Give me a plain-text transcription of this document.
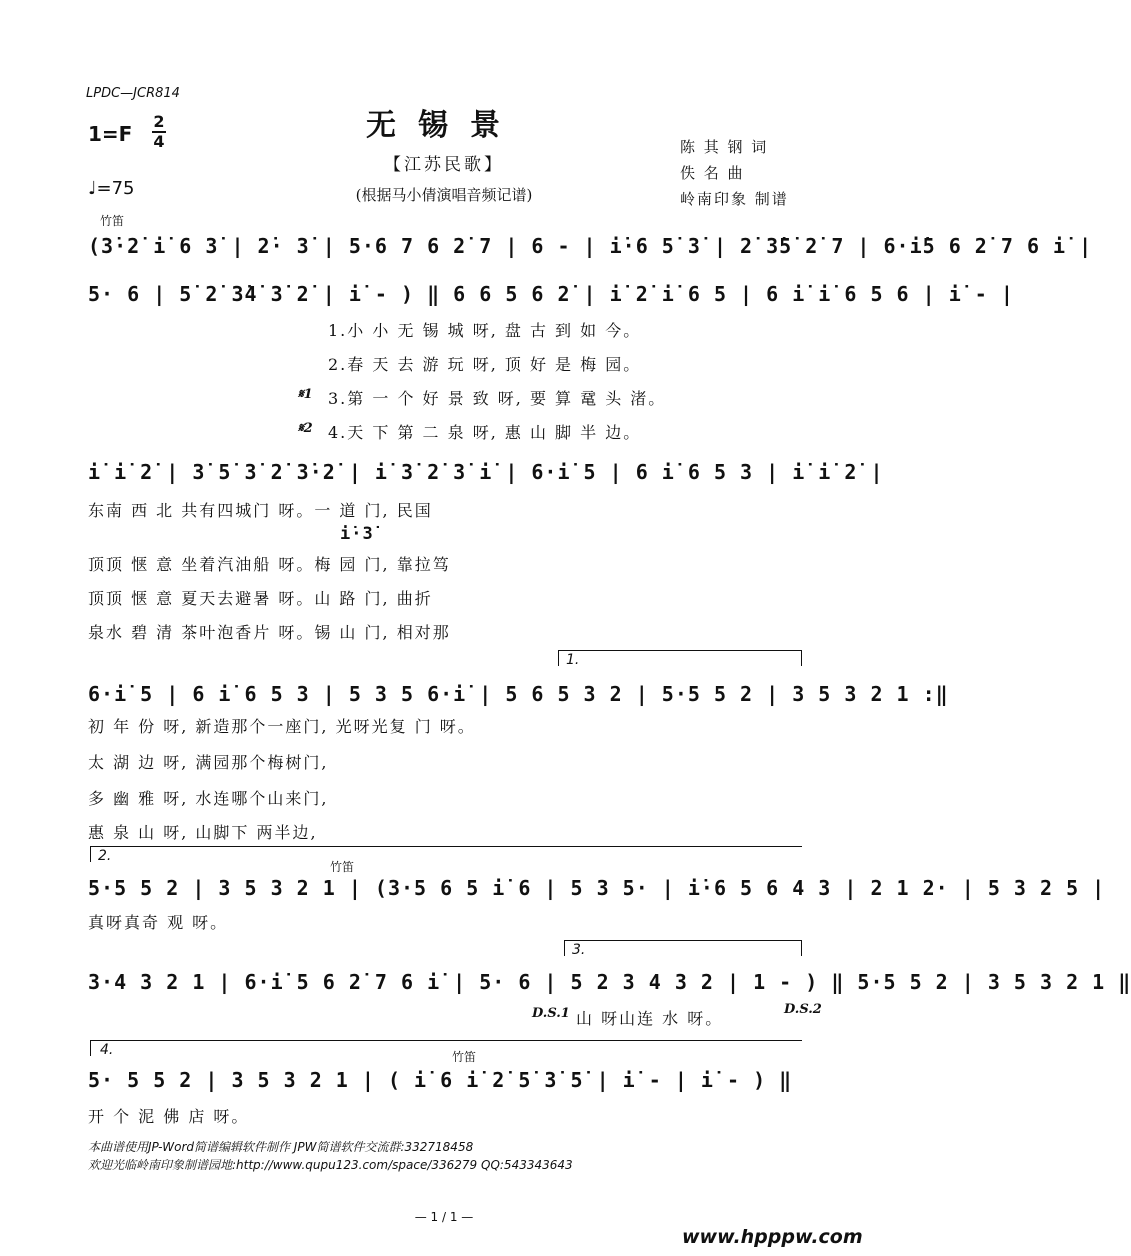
LPDC—JCR814
无锡景
【江苏民歌】
(根据马小倩演唱音频记谱)
1=F
2
4
♩=75
陈 其 钢 词
佚 名 曲
岭南印象 制谱
竹笛
(3̇·2̇ i̇ 6 3̇ | 2̇· 3̇ | 5·6 7 6 2̇ 7 | 6 - | i̇·6 5̇ 3̇ | 2̇ 3̇5̇ 2̇ 7 | 6·i̇5 6 2̇ 7 6 i̇ |
5· 6 | 5̇ 2̇ 3̇4̇ 3̇ 2̇ | i̇ - ) ‖ 6 6 5 6 2̇ | i̇ 2̇ i̇ 6 5 | 6 i̇ i̇ 6 5 6 | i̇ - |
1.小 小 无 锡 城 呀, 盘 古 到 如 今。
2.春 天 去 游 玩 呀, 顶 好 是 梅 园。
𝄋1 3.第 一 个 好 景 致 呀, 要 算 鼋 头 渚。
𝄋2 4.天 下 第 二 泉 呀, 惠 山 脚 半 边。
i̇ i̇ 2̇ | 3̇ 5̇ 3̇ 2̇ 3̇·2̇ | i̇ 3̇ 2̇ 3̇ i̇ | 6·i̇ 5 | 6 i̇ 6 5 3 | i̇ i̇ 2̇ |
东南 西 北 共有四城门 呀。一 道 门, 民国
i̇·3̇
顶顶 惬 意 坐着汽油船 呀。梅 园 门, 靠拉笃
顶顶 惬 意 夏天去避暑 呀。山 路 门, 曲折
泉水 碧 清 茶叶泡香片 呀。锡 山 门, 相对那
1.
6·i̇ 5 | 6 i̇ 6 5 3 | 5 3 5 6·i̇ | 5 6 5 3 2 | 5·5 5 2 | 3 5 3 2 1 :‖
初 年 份 呀, 新造那个一座门, 光呀光复 门 呀。
太 湖 边 呀, 满园那个梅树门,
多 幽 雅 呀, 水连哪个山来门,
惠 泉 山 呀, 山脚下 两半边,
2.
竹笛
5·5 5 2 | 3 5 3 2 1 | (3·5 6 5 i̇ 6 | 5 3 5· | i̇·6 5 6 4 3 | 2 1 2· | 5 3 2 5 |
真呀真奇 观 呀。
3.
3·4 3 2 1 | 6·i̇ 5 6 2̇ 7 6 i̇ | 5· 6 | 5 2 3 4 3 2 | 1 - ) ‖ 5·5 5 2 | 3 5 3 2 1 ‖
D.S.1 山 呀山连 水 呀。	D.S.2
4.	竹笛
5· 5 5 2 | 3 5 3 2 1 | ( i̇ 6 i̇ 2̇ 5̇ 3̇ 5̇ | i̇ - | i̇ - ) ‖
开 个 泥 佛 店 呀。
本曲谱使用JP-Word简谱编辑软件制作 JPW简谱软件交流群:332718458
欢迎光临岭南印象制谱园地:http://www.qupu123.com/space/336279 QQ:543343643
— 1 / 1 —
www.hpppw.com
